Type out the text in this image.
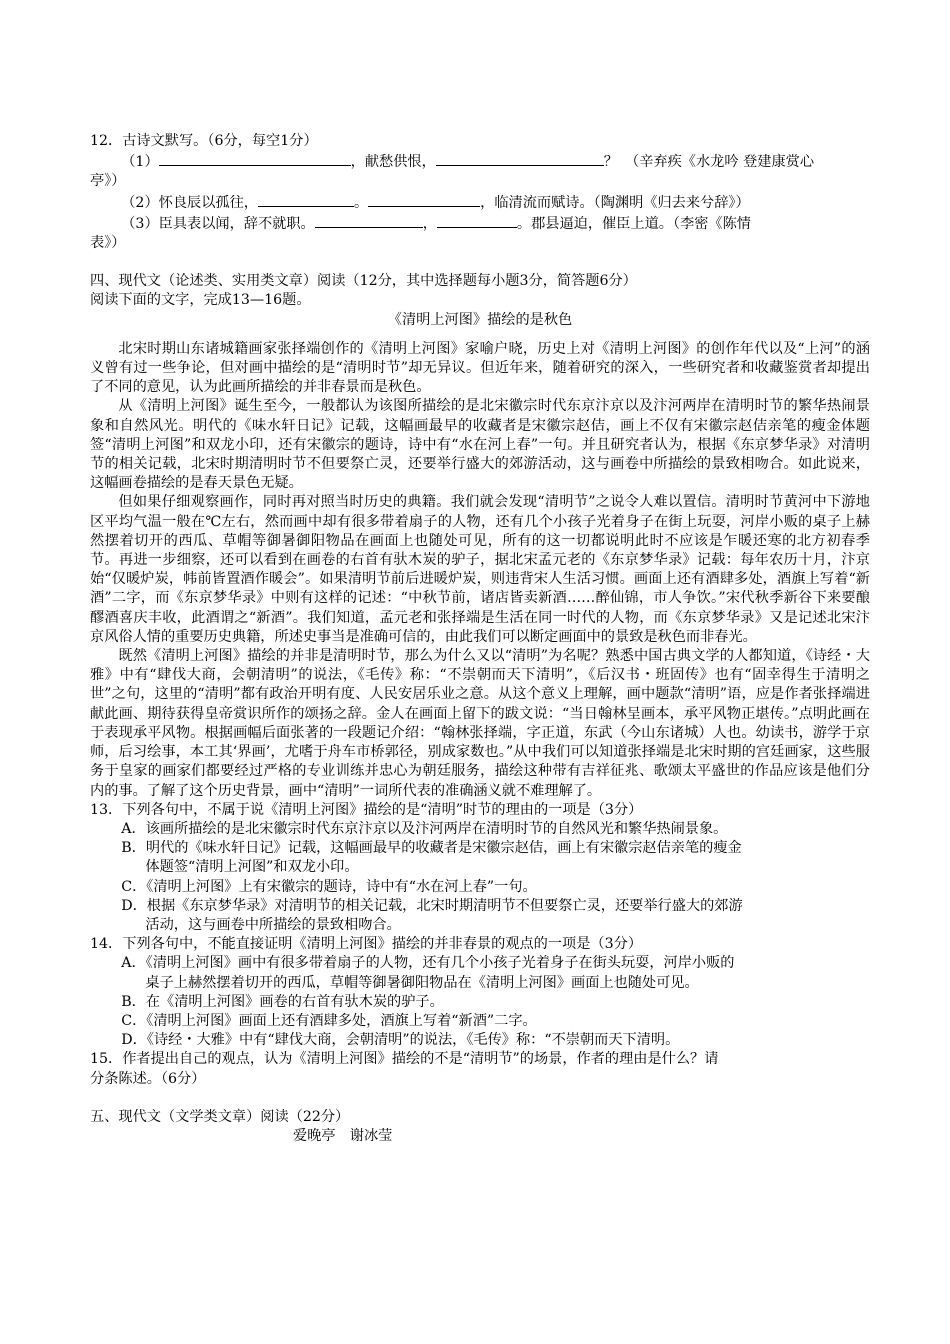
12．古诗文默写。（6分，每空1分）
（1）	，献愁供恨，	？　（辛弃疾《水龙吟 登建康赏心
亭》）
（2）怀良辰以孤往，	。	，临清流而赋诗。（陶渊明《归去来兮辞》）
（3）臣具表以闻，辞不就职。	，	。郡县逼迫，催臣上道。（李密《陈情
表》）
四、现代文（论述类、实用类文章）阅读（12分，其中选择题每小题3分，简答题6分）
阅读下面的文字，完成13—16题。
《清明上河图》描绘的是秋色

北宋时期山东诸城籍画家张择端创作的《清明上河图》家喻户晓，历史上对《清明上河图》的创作年代以及“上河”的涵义曾有过一些争论，但对画中描绘的是“清明时节”却无异议。但近年来，随着研究的深入，一些研究者和收藏鉴赏者却提出了不同的意见，认为此画所描绘的并非春景而是秋色。

从《清明上河图》诞生至今，一般都认为该图所描绘的是北宋徽宗时代东京汴京以及汴河两岸在清明时节的繁华热闹景象和自然风光。明代的《味水轩日记》记载，这幅画最早的收藏者是宋徽宗赵佶，画上不仅有宋徽宗赵佶亲笔的瘦金体题签“清明上河图”和双龙小印，还有宋徽宗的题诗，诗中有“水在河上春”一句。并且研究者认为，根据《东京梦华录》对清明节的相关记载，北宋时期清明时节不但要祭亡灵，还要举行盛大的郊游活动，这与画卷中所描绘的景致相吻合。如此说来，这幅画卷描绘的是春天景色无疑。

但如果仔细观察画作，同时再对照当时历史的典籍。我们就会发现“清明节”之说令人难以置信。清明时节黄河中下游地区平均气温一般在℃左右，然而画中却有很多带着扇子的人物，还有几个小孩子光着身子在街上玩耍，河岸小贩的桌子上赫然摆着切开的西瓜、草帽等御暑御阳物品在画面上也随处可见，所有的这一切都说明此时不应该是乍暖还寒的北方初春季节。再进一步细察，还可以看到在画卷的右首有驮木炭的驴子，据北宋孟元老的《东京梦华录》记载：每年农历十月，汴京始“仅暖炉炭，帏前皆置酒作暖会”。如果清明节前后进暖炉炭，则违背宋人生活习惯。画面上还有酒肆多处，酒旗上写着“新酒”二字，而《东京梦华录》中则有这样的记述：“中秋节前，诸店皆卖新酒……醉仙锦，市人争饮。”宋代秋季新谷下来要酿醪酒喜庆丰收，此酒谓之“新酒”。我们知道，孟元老和张择端是生活在同一时代的人物，而《东京梦华录》又是记述北宋汴京风俗人情的重要历史典籍，所述史事当是准确可信的，由此我们可以断定画面中的景致是秋色而非春光。

既然《清明上河图》描绘的并非是清明时节，那么为什么又以“清明”为名呢？熟悉中国古典文学的人都知道，《诗经・大雅》中有“肆伐大商，会朝清明”的说法，《毛传》称：“不崇朝而天下清明”，《后汉书・班固传》也有“固幸得生于清明之世”之句，这里的“清明”都有政治开明有度、人民安居乐业之意。从这个意义上理解，画中题款“清明”语，应是作者张择端进献此画、期待获得皇帝赏识所作的颂扬之辞。金人在画面上留下的跋文说：“当日翰林呈画本，承平风物正堪传。”点明此画在于表现承平风物。根据画幅后面张著的一段题记介绍：“翰林张择端，字正道，东武（今山东诸城）人也。幼读书，游学于京师，后习绘事，本工其‘界画’，尤嗜于舟车市桥郭径，别成家数也。”从中我们可以知道张择端是北宋时期的宫廷画家，这些服务于皇家的画家们都要经过严格的专业训练并忠心为朝廷服务，描绘这种带有吉祥征兆、歌颂太平盛世的作品应该是他们分内的事。了解了这个历史背景，画中“清明”一词所代表的准确涵义就不难理解了。

13．下列各句中，不属于说《清明上河图》描绘的是“清明”时节的理由的一项是（3分）
A．该画所描绘的是北宋徽宗时代东京汴京以及汴河两岸在清明时节的自然风光和繁华热闹景象。
B．明代的《味水轩日记》记载，这幅画最早的收藏者是宋徽宗赵佶，画上有宋徽宗赵佶亲笔的瘦金
体题签“清明上河图”和双龙小印。
C．《清明上河图》上有宋徽宗的题诗，诗中有“水在河上春”一句。
D．根据《东京梦华录》对清明节的相关记载，北宋时期清明节不但要祭亡灵，还要举行盛大的郊游
活动，这与画卷中所描绘的景致相吻合。
14．下列各句中，不能直接证明《清明上河图》描绘的并非春景的观点的一项是（3分）
A．《清明上河图》画中有很多带着扇子的人物，还有几个小孩子光着身子在街头玩耍，河岸小贩的
桌子上赫然摆着切开的西瓜，草帽等御暑御阳物品在《清明上河图》画面上也随处可见。
B．在《清明上河图》画卷的右首有驮木炭的驴子。
C．《清明上河图》画面上还有酒肆多处，酒旗上写着“新酒”二字。
D．《诗经・大雅》中有“肆伐大商，会朝清明”的说法，《毛传》称：“不崇朝而天下清明。
15．作者提出自己的观点，认为《清明上河图》描绘的不是“清明节”的场景，作者的理由是什么？请
分条陈述。（6分）
五、现代文（文学类文章）阅读（22分）
爱晚亭　谢冰莹
